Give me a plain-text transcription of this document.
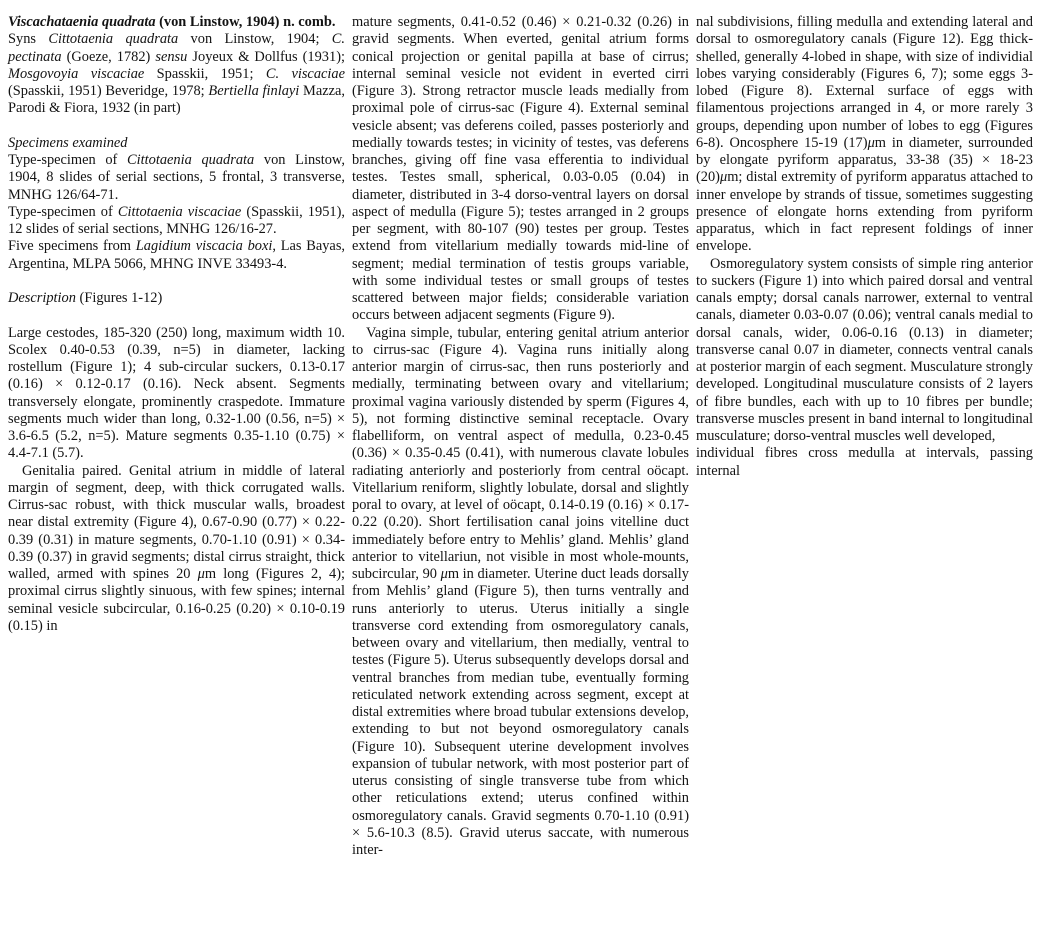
Viscachataenia quadrata (von Linstow, 1904) n. comb.
Syns Cittotaenia quadrata von Linstow, 1904; C. pectinata (Goeze, 1782) sensu Joyeux & Dollfus (1931); Mosgovoyia viscaciae Spasskii, 1951; C. viscaciae (Spasskii, 1951) Beveridge, 1978; Bertiella finlayi Mazza, Parodi & Fiora, 1932 (in part)
Specimens examined
Type-specimen of Cittotaenia quadrata von Linstow, 1904, 8 slides of serial sections, 5 frontal, 3 transverse, MNHG 126/64-71.
Type-specimen of Cittotaenia viscaciae (Spasskii, 1951), 12 slides of serial sections, MNHG 126/16-27.
Five specimens from Lagidium viscacia boxi, Las Bayas, Argentina, MLPA 5066, MHNG INVE 33493-4.
Description (Figures 1-12)
Large cestodes, 185-320 (250) long, maximum width 10. Scolex 0.40-0.53 (0.39, n=5) in diameter, lacking rostellum (Figure 1); 4 sub-circular suckers, 0.13-0.17 (0.16) × 0.12-0.17 (0.16). Neck absent. Segments transversely elongate, prominently craspedote. Immature segments much wider than long, 0.32-1.00 (0.56, n=5) × 3.6-6.5 (5.2, n=5). Mature segments 0.35-1.10 (0.75) × 4.4-7.1 (5.7).
Genitalia paired. Genital atrium in middle of lateral margin of segment, deep, with thick corrugated walls. Cirrus-sac robust, with thick muscular walls, broadest near distal extremity (Figure 4), 0.67-0.90 (0.77) × 0.22-0.39 (0.31) in mature segments, 0.70-1.10 (0.91) × 0.34-0.39 (0.37) in gravid segments; distal cirrus straight, thick walled, armed with spines 20 μm long (Figures 2, 4); proximal cirrus slightly sinuous, with few spines; internal seminal vesicle subcircular, 0.16-0.25 (0.20) × 0.10-0.19 (0.15) in
mature segments, 0.41-0.52 (0.46) × 0.21-0.32 (0.26) in gravid segments. When everted, genital atrium forms conical projection or genital papilla at base of cirrus; internal seminal vesicle not evident in everted cirri (Figure 3). Strong retractor muscle leads medially from proximal pole of cirrus-sac (Figure 4). External seminal vesicle absent; vas deferens coiled, passes posteriorly and medially towards testes; in vicinity of testes, vas deferens branches, giving off fine vasa efferentia to individual testes. Testes small, spherical, 0.03-0.05 (0.04) in diameter, distributed in 3-4 dorso-ventral layers on dorsal aspect of medulla (Figure 5); testes arranged in 2 groups per segment, with 80-107 (90) testes per group. Testes extend from vitellarium medially towards mid-line of segment; medial termination of testis groups variable, with some individual testes or small groups of testes scattered between major fields; considerable variation occurs between adjacent segments (Figure 9).
Vagina simple, tubular, entering genital atrium anterior to cirrus-sac (Figure 4). Vagina runs initially along anterior margin of cirrus-sac, then runs posteriorly and medially, terminating between ovary and vitellarium; proximal vagina variously distended by sperm (Figures 4, 5), not forming distinctive seminal receptacle. Ovary flabelliform, on ventral aspect of medulla, 0.23-0.45 (0.36) × 0.35-0.45 (0.41), with numerous clavate lobules radiating anteriorly and posteriorly from central oöcapt. Vitellarium reniform, slightly lobulate, dorsal and slightly poral to ovary, at level of oöcapt, 0.14-0.19 (0.16) × 0.17-0.22 (0.20). Short fertilisation canal joins vitelline duct immediately before entry to Mehlis’ gland. Mehlis’ gland anterior to vitellariun, not visible in most whole-mounts, subcircular, 90 μm in diameter. Uterine duct leads dorsally from Mehlis’ gland (Figure 5), then turns ventrally and runs anteriorly to uterus. Uterus initially a single transverse cord extending from osmoregulatory canals, between ovary and vitellarium, then medially, ventral to testes (Figure 5). Uterus subsequently develops dorsal and ventral branches from median tube, eventually forming reticulated network extending across segment, except at distal extremities where broad tubular extensions develop, extending to but not beyond osmoregulatory canals (Figure 10). Subsequent uterine development involves expansion of tubular network, with most posterior part of uterus consisting of single transverse tube from which other reticulations extend; uterus confined within osmoregulatory canals. Gravid segments 0.70-1.10 (0.91) × 5.6-10.3 (8.5). Gravid uterus saccate, with numerous inter-
nal subdivisions, filling medulla and extending lateral and dorsal to osmoregulatory canals (Figure 12). Egg thick-shelled, generally 4-lobed in shape, with size of individial lobes varying considerably (Figures 6, 7); some eggs 3-lobed (Figure 8). External surface of eggs with filamentous projections arranged in 4, or more rarely 3 groups, depending upon number of lobes to egg (Figures 6-8). Oncosphere 15-19 (17)μm in diameter, surrounded by elongate pyriform apparatus, 33-38 (35) × 18-23 (20)μm; distal extremity of pyriform apparatus attached to inner envelope by strands of tissue, sometimes suggesting presence of elongate horns extending from pyriform apparatus, which in fact represent foldings of inner envelope.
Osmoregulatory system consists of simple ring anterior to suckers (Figure 1) into which paired dorsal and ventral canals empty; dorsal canals narrower, external to ventral canals, diameter 0.03-0.07 (0.06); ventral canals medial to dorsal canals, wider, 0.06-0.16 (0.13) in diameter; transverse canal 0.07 in diameter, connects ventral canals at posterior margin of each segment. Musculature strongly developed. Longitudinal musculature consists of 2 layers of fibre bundles, each with up to 10 fibres per bundle; transverse muscles present in band internal to longitudinal musculature; dorso-ventral muscles well developed,
individual fibres cross medulla at intervals, passing internal
